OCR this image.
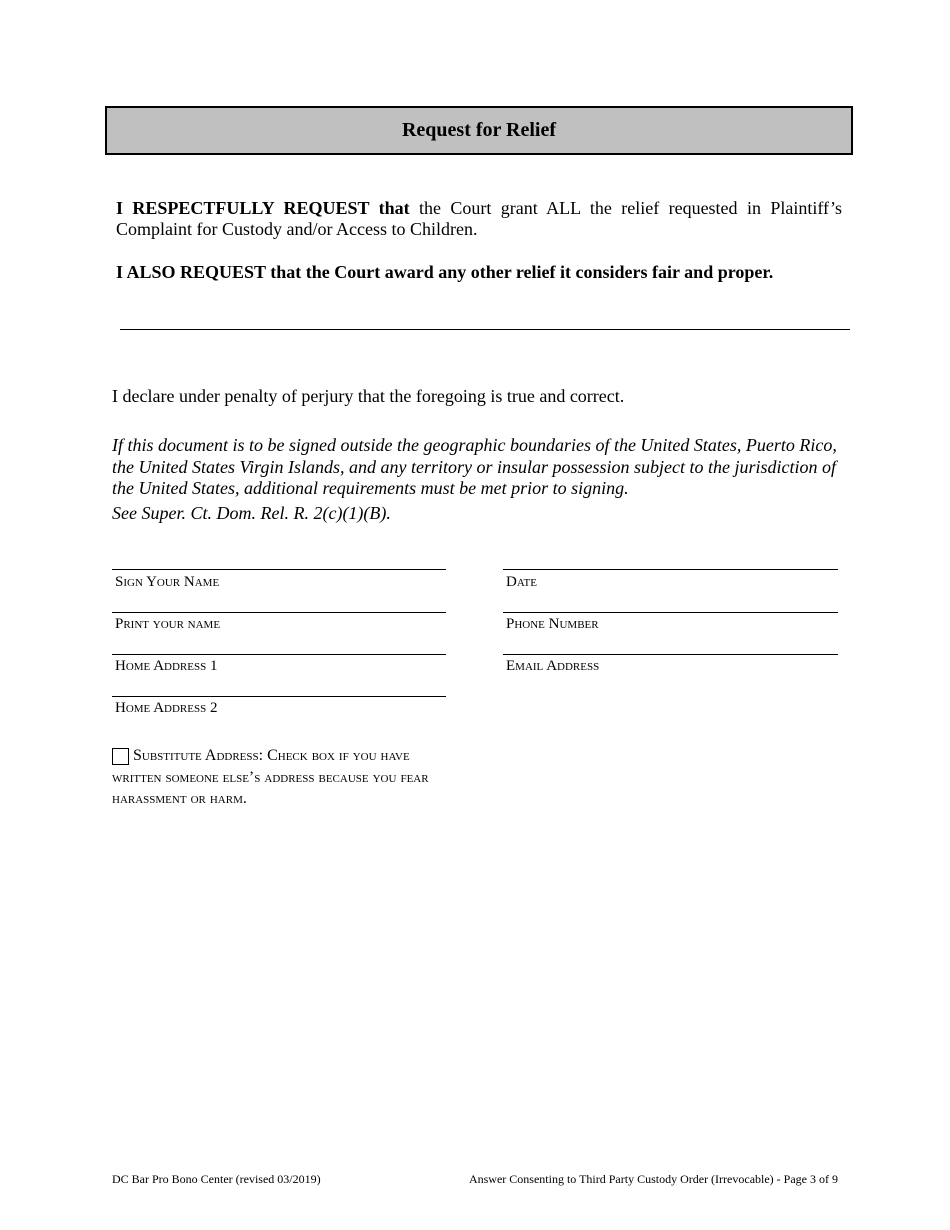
Request for Relief
I RESPECTFULLY REQUEST that the Court grant ALL the relief requested in Plaintiff’s Complaint for Custody and/or Access to Children.
I ALSO REQUEST that the Court award any other relief it considers fair and proper.
I declare under penalty of perjury that the foregoing is true and correct.
If this document is to be signed outside the geographic boundaries of the United States, Puerto Rico, the United States Virgin Islands, and any territory or insular possession subject to the jurisdiction of the United States, additional requirements must be met prior to signing.
See Super. Ct. Dom. Rel. R. 2(c)(1)(B).
Sign Your Name
Print your name
Home Address 1
Home Address 2
Date
Phone Number
Email Address
Substitute Address: Check box if you have written someone else’s address because you fear harassment or harm.
DC Bar Pro Bono Center (revised 03/2019)	Answer Consenting to Third Party Custody Order (Irrevocable) - Page 3 of 9
